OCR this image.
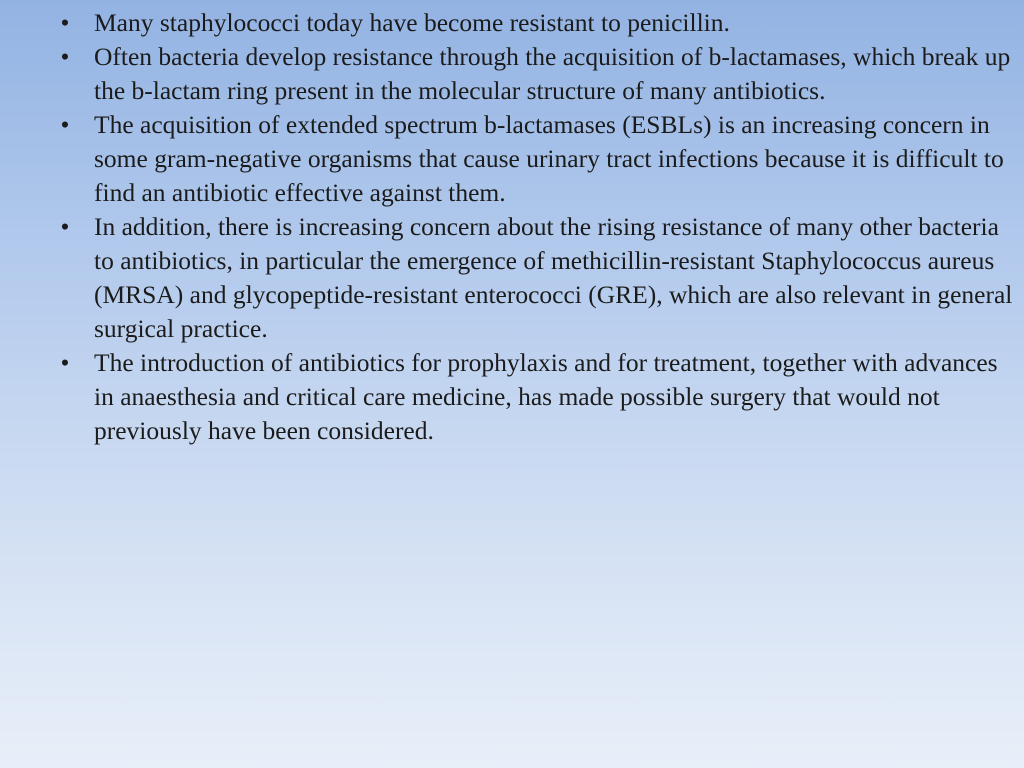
• Many staphylococci today have become resistant to penicillin.
• Often bacteria develop resistance through the acquisition of b-lactamases, which break up the b-lactam ring present in the molecular structure of many antibiotics.
• The acquisition of extended spectrum b-lactamases (ESBLs) is an increasing concern in some gram-negative organisms that cause urinary tract infections because it is difficult to find an antibiotic effective against them.
• In addition, there is increasing concern about the rising resistance of many other bacteria to antibiotics, in particular the emergence of methicillin-resistant Staphylococcus aureus (MRSA) and glycopeptide-resistant enterococci (GRE), which are also relevant in general surgical practice.
• The introduction of antibiotics for prophylaxis and for treatment, together with advances in anaesthesia and critical care medicine, has made possible surgery that would not previously have been considered.
